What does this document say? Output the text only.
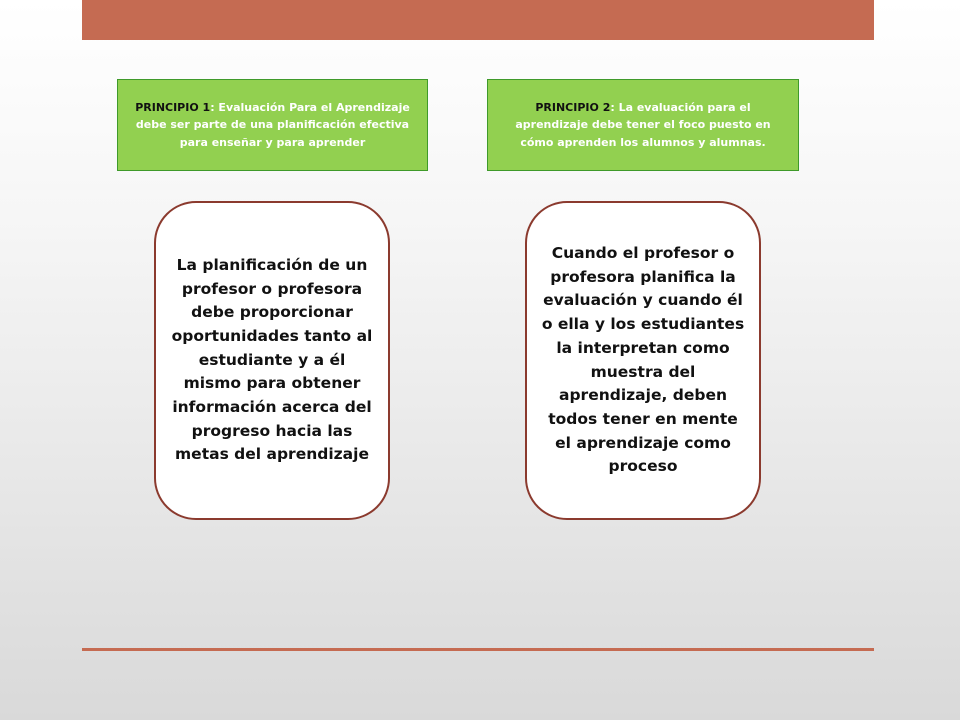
PRINCIPIO 1: Evaluación Para el Aprendizaje debe ser parte de una planificación efectiva para enseñar y para aprender
PRINCIPIO 2: La evaluación para el aprendizaje debe tener el foco puesto en cómo aprenden los alumnos y alumnas.
La planificación de un profesor o profesora debe proporcionar oportunidades tanto al estudiante y a él mismo para obtener información acerca del progreso hacia las metas del aprendizaje
Cuando el profesor o profesora planifica la evaluación y cuando él o ella y los estudiantes la interpretan como muestra del aprendizaje, deben todos tener en mente el aprendizaje como proceso
